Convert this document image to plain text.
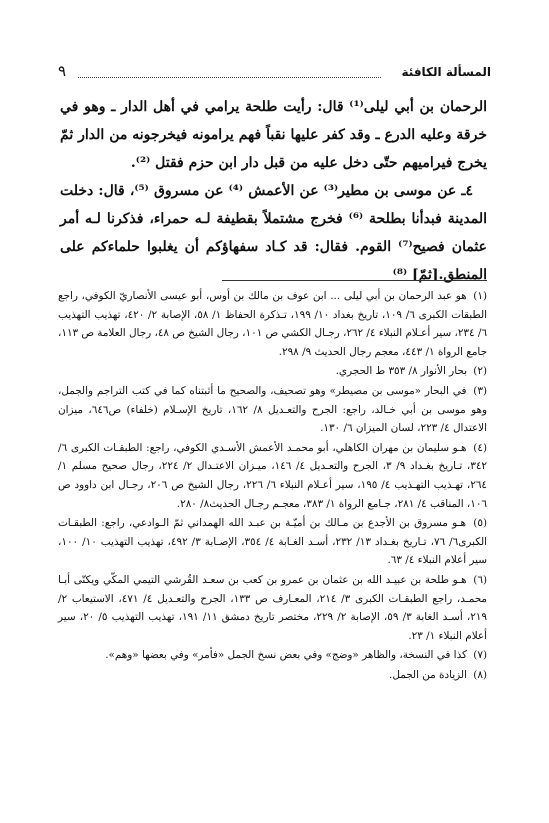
المسألة الكافئة
٩

الرحمان بن أبي ليلى⁽¹⁾ قال: رأيت طلحة يرامي في أهل الدار ـ وهو في خرقة وعليه الدرع ـ وقد كفر عليها نقباً فهم يرامونه فيخرجونه من الدار ثمّ يخرج فيراميهم حتّى دخل عليه من قبل دار ابن حزم فقتل ⁽²⁾.

٤ـ عن موسى بن مطير⁽³⁾ عن الأعمش ⁽⁴⁾ عن مسروق ⁽⁵⁾، قال: دخلت المدينة فبدأنا بطلحة ⁽⁶⁾ فخرج مشتملاً بقطيفة لـه حمراء، فذكرنا لـه أمر عثمان فصيح⁽⁷⁾ القوم. فقال: قد كـاد سفهاؤكم أن يغلبوا حلماءكم على المنطق.[ثمّ] ⁽⁸⁾

(١) هو عبد الرحمان بن أبي ليلى ... ابن عوف بن مالك بن أوس، أبو عيسى الأنصاريّ الكوفي، راجع الطبقات الكبرى ٦/ ١٠٩، تاريخ بغداد ١٠/ ١٩٩، تـذكرة الحفاظ ١/ ٥٨، الإصابة ٢/ ٤٢٠، تهذيب التهذيب ٦/ ٢٣٤، سير أعـلام النبلاء ٤/ ٢٦٢، رجـال الكشي ص ١٠١، رجال الشيخ ص ٤٨، رجال العلامة ص ١١٣، جامع الرواة ١/ ٤٤٣، معجم رجال الحديث ٩/ ٢٩٨.
(٢) بحار الأنوار ٨/ ٣٥٣ ط الحجري.
(٣) في البحار «موسى بن مصيطر» وهو تصحيف، والصحيح ما أثبتناه كما في كتب التراجم والجمل، وهو موسى بن أبي خـالد، راجع: الجرح والتعـديل ٨/ ١٦٢، تاريخ الإسـلام (خلفاء) ص٦٤٦، ميزان الاعتدال ٤/ ٢٢٣، لسان الميزان ٦/ ١٣٠.
(٤) هـو سليمان بن مهران الكاهلي، أبو محمـد الأعمش الأسـدي الكوفي، راجع: الطبقـات الكبرى ٦/ ٣٤٢، تـاريخ بغـداد ٩/ ٣، الجرح والتعـديل ٤/ ١٤٦، ميـزان الاعتـدال ٢/ ٢٢٤، رجال صحيح مسلم ١/ ٢٦٤، تهـذيب التهـذيب ٤/ ١٩٥، سير أعـلام النبلاء ٦/ ٢٢٦، رجال الشيخ ص ٢٠٦، رجـال ابن داوود ص ١٠٦، المناقب ٤/ ٢٨١، جـامع الرواة ١/ ٣٨٣، معجـم رجـال الحديث٨/ ٢٨٠.
(٥) هـو مسروق بن الأجدع بن مـالك بن أميّـة بن عبـد الله الهمداني ثمّ الـوادعي، راجع: الطبقـات الكبرى٦/ ٧٦، تـاريخ بغـداد ١٣/ ٢٣٢، أسـد الغـابة ٤/ ٣٥٤، الإصـابة ٣/ ٤٩٢، تهذيب التهذيب ١٠/ ١٠٠، سير أعلام النبلاء ٤/ ٦٣.
(٦) هـو طلحة بن عبيـد الله بن عثمان بن عمرو بن كعب بن سعـد القُرشي التيمي المكّي ويكنّى أبـا محمـد، راجع الطبقـات الكبرى ٣/ ٢١٤، المعـارف ص ١٣٣، الجرح والتعـديل ٤/ ٤٧١، الاستيعاب ٢/ ٢١٩، أسـد الغابة ٣/ ٥٩، الإصابة ٢/ ٢٢٩، مختصر تاريخ دمشق ١١/ ١٩١، تهذيب التهذيب ٥/ ٢٠، سير أعلام النبلاء ١/ ٢٣.
(٧) كذا في النسخة، والظاهر «وضج» وفي بعض نسخ الجمل «فأمر» وفي بعضها «وهم».
(٨) الزيادة من الجمل.
